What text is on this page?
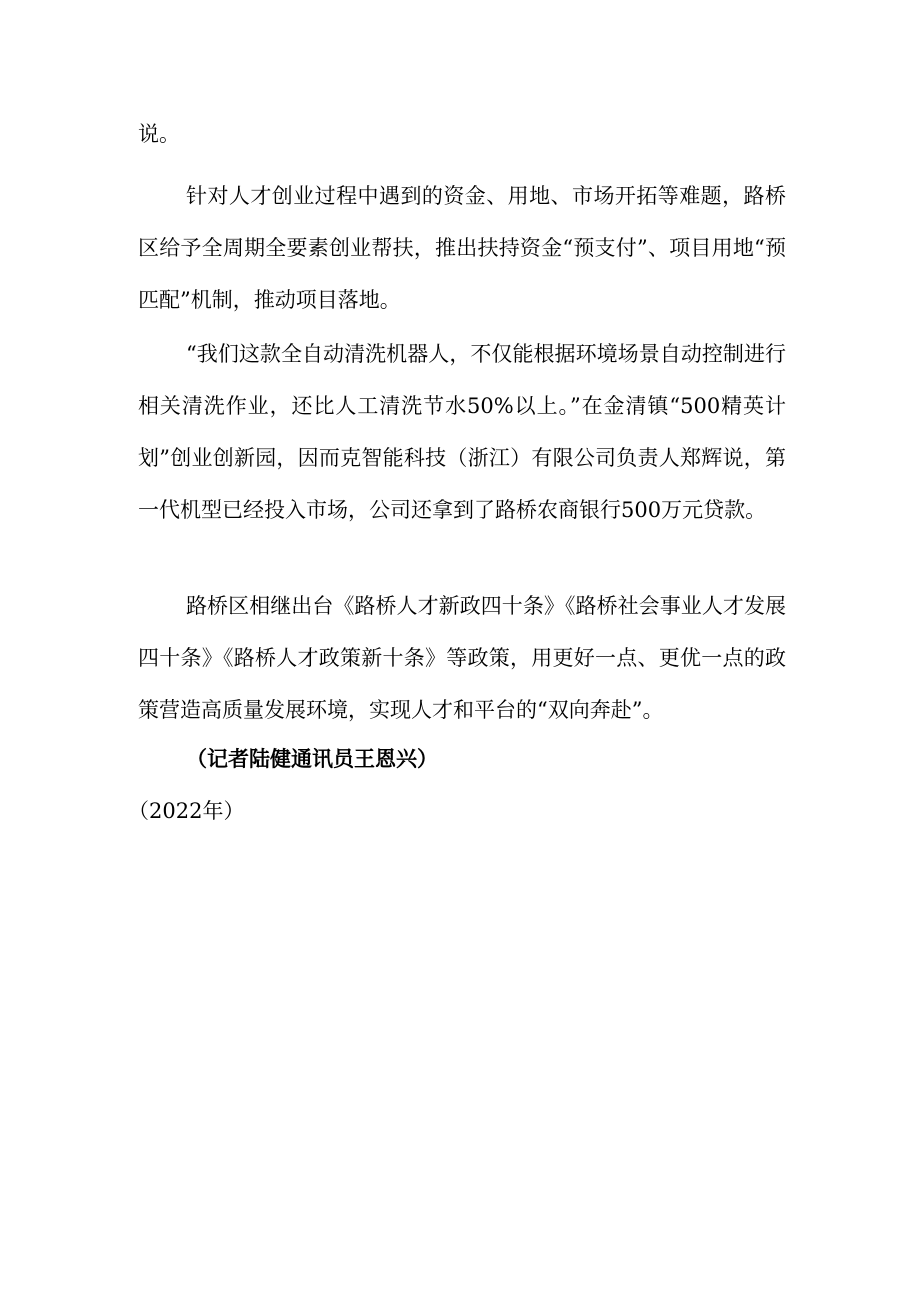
说。

针对人才创业过程中遇到的资金、用地、市场开拓等难题，路桥区给予全周期全要素创业帮扶，推出扶持资金“预支付”、项目用地“预匹配”机制，推动项目落地。

“我们这款全自动清洗机器人，不仅能根据环境场景自动控制进行相关清洗作业，还比人工清洗节水50%以上。”在金清镇“500精英计划”创业创新园，因而克智能科技（浙江）有限公司负责人郑辉说，第一代机型已经投入市场，公司还拿到了路桥农商银行500万元贷款。

路桥区相继出台《路桥人才新政四十条》《路桥社会事业人才发展四十条》《路桥人才政策新十条》等政策，用更好一点、更优一点的政策营造高质量发展环境，实现人才和平台的“双向奔赴”。

（记者陆健通讯员王恩兴）

（2022年）
